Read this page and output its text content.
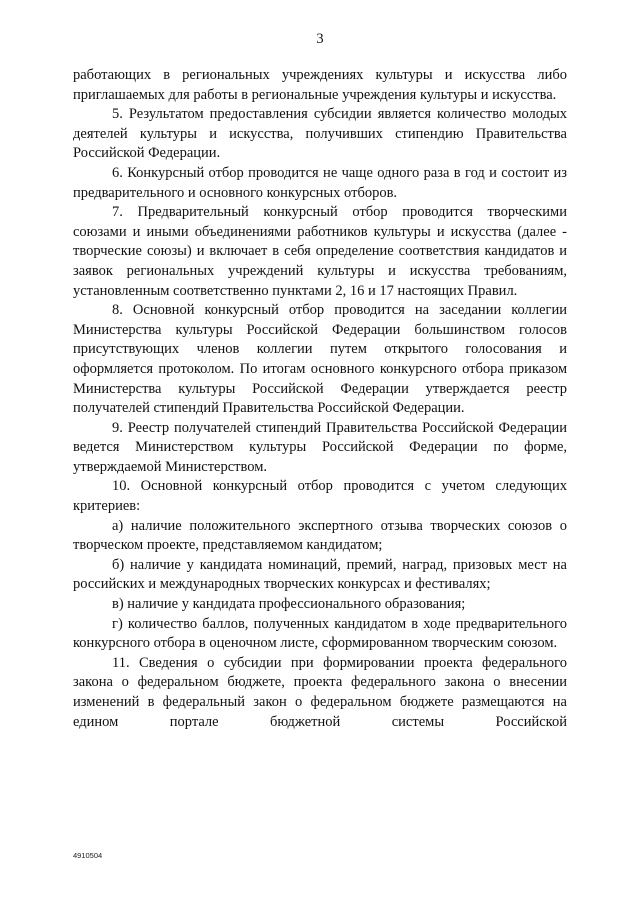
3

работающих в региональных учреждениях культуры и искусства либо приглашаемых для работы в региональные учреждения культуры и искусства.

5. Результатом предоставления субсидии является количество молодых деятелей культуры и искусства, получивших стипендию Правительства Российской Федерации.

6. Конкурсный отбор проводится не чаще одного раза в год и состоит из предварительного и основного конкурсных отборов.

7. Предварительный конкурсный отбор проводится творческими союзами и иными объединениями работников культуры и искусства (далее - творческие союзы) и включает в себя определение соответствия кандидатов и заявок региональных учреждений культуры и искусства требованиям, установленным соответственно пунктами 2, 16 и 17 настоящих Правил.

8. Основной конкурсный отбор проводится на заседании коллегии Министерства культуры Российской Федерации большинством голосов присутствующих членов коллегии путем открытого голосования и оформляется протоколом. По итогам основного конкурсного отбора приказом Министерства культуры Российской Федерации утверждается реестр получателей стипендий Правительства Российской Федерации.

9. Реестр получателей стипендий Правительства Российской Федерации ведется Министерством культуры Российской Федерации по форме, утверждаемой Министерством.

10. Основной конкурсный отбор проводится с учетом следующих критериев:

а) наличие положительного экспертного отзыва творческих союзов о творческом проекте, представляемом кандидатом;

б) наличие у кандидата номинаций, премий, наград, призовых мест на российских и международных творческих конкурсах и фестивалях;

в) наличие у кандидата профессионального образования;

г) количество баллов, полученных кандидатом в ходе предварительного конкурсного отбора в оценочном листе, сформированном творческим союзом.

11. Сведения о субсидии при формировании проекта федерального закона о федеральном бюджете, проекта федерального закона о внесении изменений в федеральный закон о федеральном бюджете размещаются на едином портале бюджетной системы Российской

4910504
